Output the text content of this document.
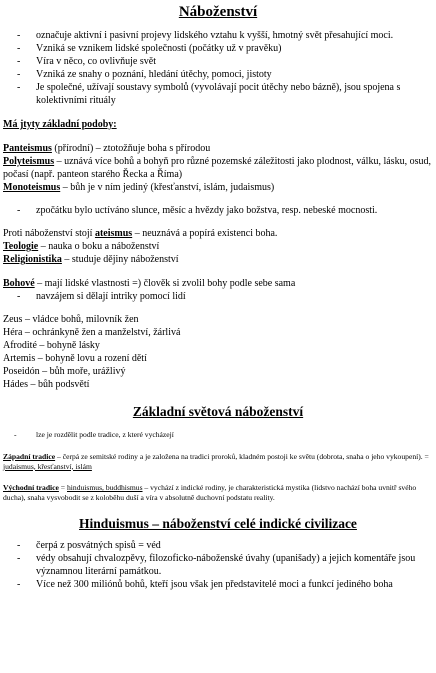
Náboženství
- označuje aktivní i pasivní projevy lidského vztahu k vyšší, hmotný svět přesahující moci.
- Vzniká se vznikem lidské společnosti (počátky už v pravěku)
- Víra v něco, co ovlivňuje svět
- Vzniká ze snahy o poznání, hledání útěchy, pomoci, jistoty
- Je společné, užívají soustavy symbolů (vyvolávají pocit útěchy nebo bázně), jsou spojena s kolektivními rituály

Má jtyty základní podoby:

Panteismus (přírodní) – ztotožňuje boha s přírodou

Polyteismus – uznává více bohů a bohyň pro různé pozemské záležitosti jako plodnost, válku, lásku, osud, počasí (např. panteon starého Řecka a Říma)

Monoteismus – bůh je v ním jediný (křesťanství, islám, judaismus)

- zpočátku bylo uctíváno slunce, měsíc a hvězdy jako božstva, resp. nebeské mocnosti.

Proti náboženství stojí ateismus – neuznává a popírá existenci boha.

Teologie – nauka o boku a náboženství

Religionistika – studuje dějiny náboženství

Bohové – mají lidské vlastnosti =) člověk si zvolil bohy podle sebe sama

- navzájem si dělají intriky pomocí lidí

Zeus – vládce bohů, milovník žen

Héra – ochránkyně žen a manželství, žárlivá

Afrodité – bohyně lásky

Artemis – bohyně lovu a rození dětí

Poseidón – bůh moře, urážlivý

Hádes – bůh podsvětí

Základní světová náboženství
- lze je rozdělit podle tradice, z které vycházejí

Západní tradice – čerpá ze semitské rodiny a je založena na tradici proroků, kladném postoji ke světu (dobrota, snaha o jeho vykoupení). = judaismus, křesťanství, islám

Východní tradice = hinduismus, buddhismus – vychází z indické rodiny, je charakteristická mystika (lidstvo nachází boha uvnitř svého ducha), snaha vysvobodit se z koloběhu duší a víra v absolutně duchovní podstatu reality.

Hinduismus – náboženství celé indické civilizace
- čerpá z posvátných spisů = véd
- védy obsahují chvalozpěvy, filozoficko-náboženské úvahy (upanišady) a jejich komentáře jsou významnou literární památkou.
- Více než 300 miliónů bohů, kteří jsou však jen představitelé moci a funkcí jediného boha
